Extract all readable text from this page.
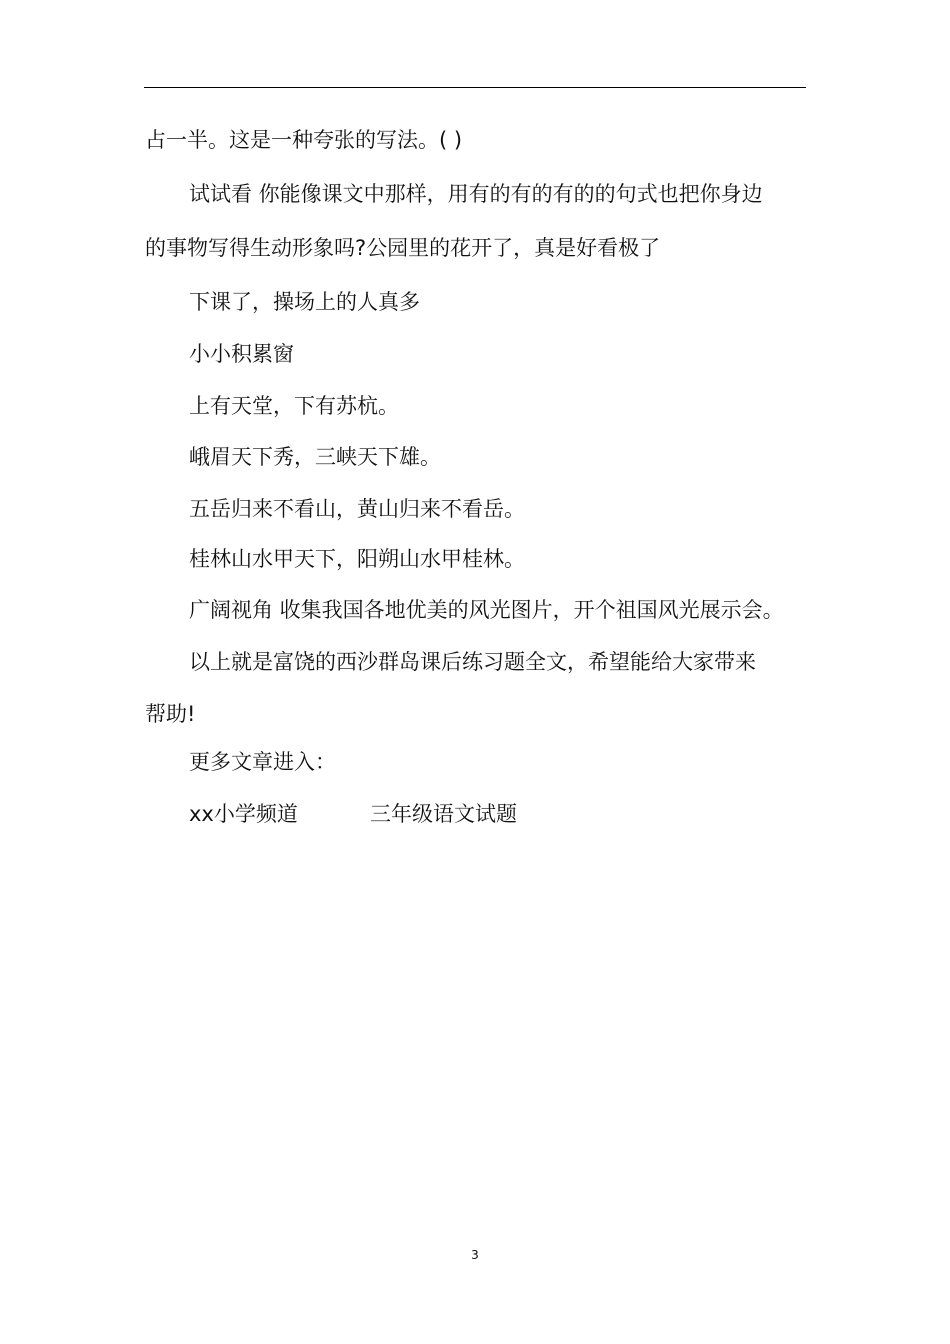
占一半。这是一种夸张的写法。( )
试试看 你能像课文中那样，用有的有的有的的句式也把你身边
的事物写得生动形象吗?公园里的花开了，真是好看极了
下课了，操场上的人真多
小小积累窗
上有天堂，下有苏杭。
峨眉天下秀，三峡天下雄。
五岳归来不看山，黄山归来不看岳。
桂林山水甲天下，阳朔山水甲桂林。
广阔视角 收集我国各地优美的风光图片，开个祖国风光展示会。
以上就是富饶的西沙群岛课后练习题全文，希望能给大家带来
帮助!
更多文章进入：
xx小学频道	三年级语文试题
3
